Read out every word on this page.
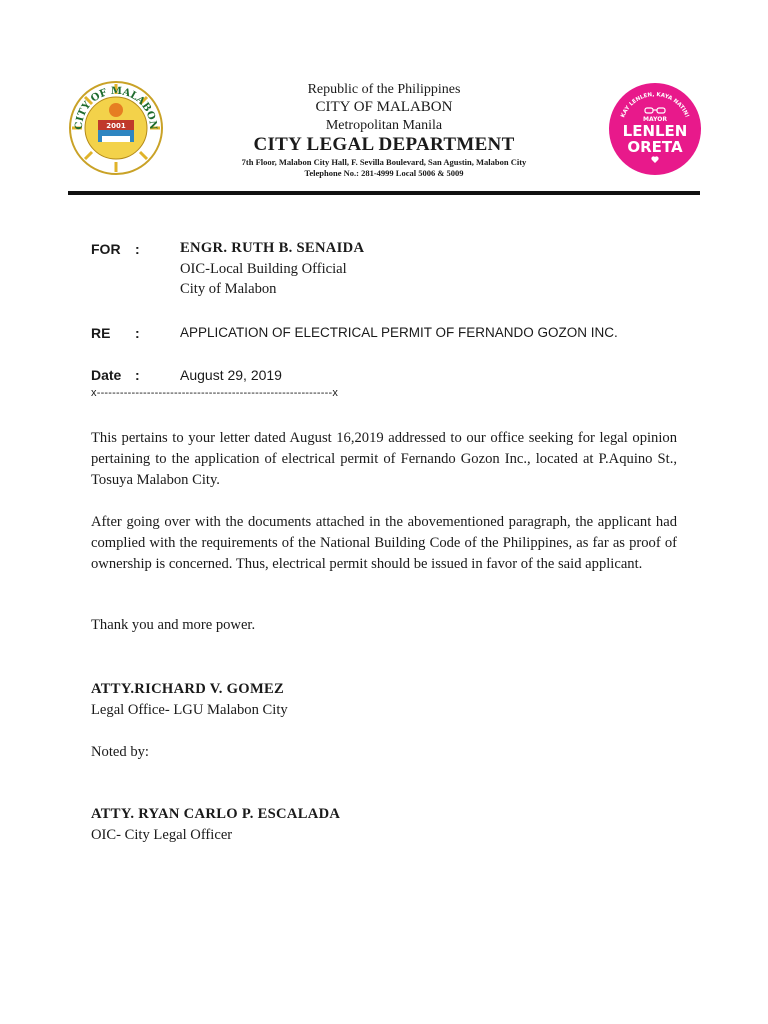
2001
CITY OF MALABON
Republic of the Philippines
CITY OF MALABON
Metropolitan Manila
CITY LEGAL DEPARTMENT
7th Floor, Malabon City Hall, F. Sevilla Boulevard, San Agustin, Malabon City
Telephone No.: 281-4999 Local 5006 & 5009
KAY LENLEN, KAYA NATIN!
MAYOR
LENLEN
ORETA
FOR :	ENGR. RUTH B. SENAIDA
OIC-Local Building Official
City of Malabon
RE :	APPLICATION OF ELECTRICAL PERMIT OF FERNANDO GOZON INC.
Date :	August 29, 2019
x-------------------------------------------------------------x
This pertains to your letter dated August 16,2019 addressed to our office seeking for legal opinion pertaining to the application of electrical permit of Fernando Gozon Inc., located at P.Aquino St., Tosuya Malabon City.
After going over with the documents attached in the abovementioned paragraph, the applicant had complied with the requirements of the National Building Code of the Philippines, as far as proof of ownership is concerned. Thus, electrical permit should be issued in favor of the said applicant.
Thank you and more power.
ATTY.RICHARD V. GOMEZ
Legal Office- LGU Malabon City
Noted by:
ATTY. RYAN CARLO P. ESCALADA
OIC- City Legal Officer
